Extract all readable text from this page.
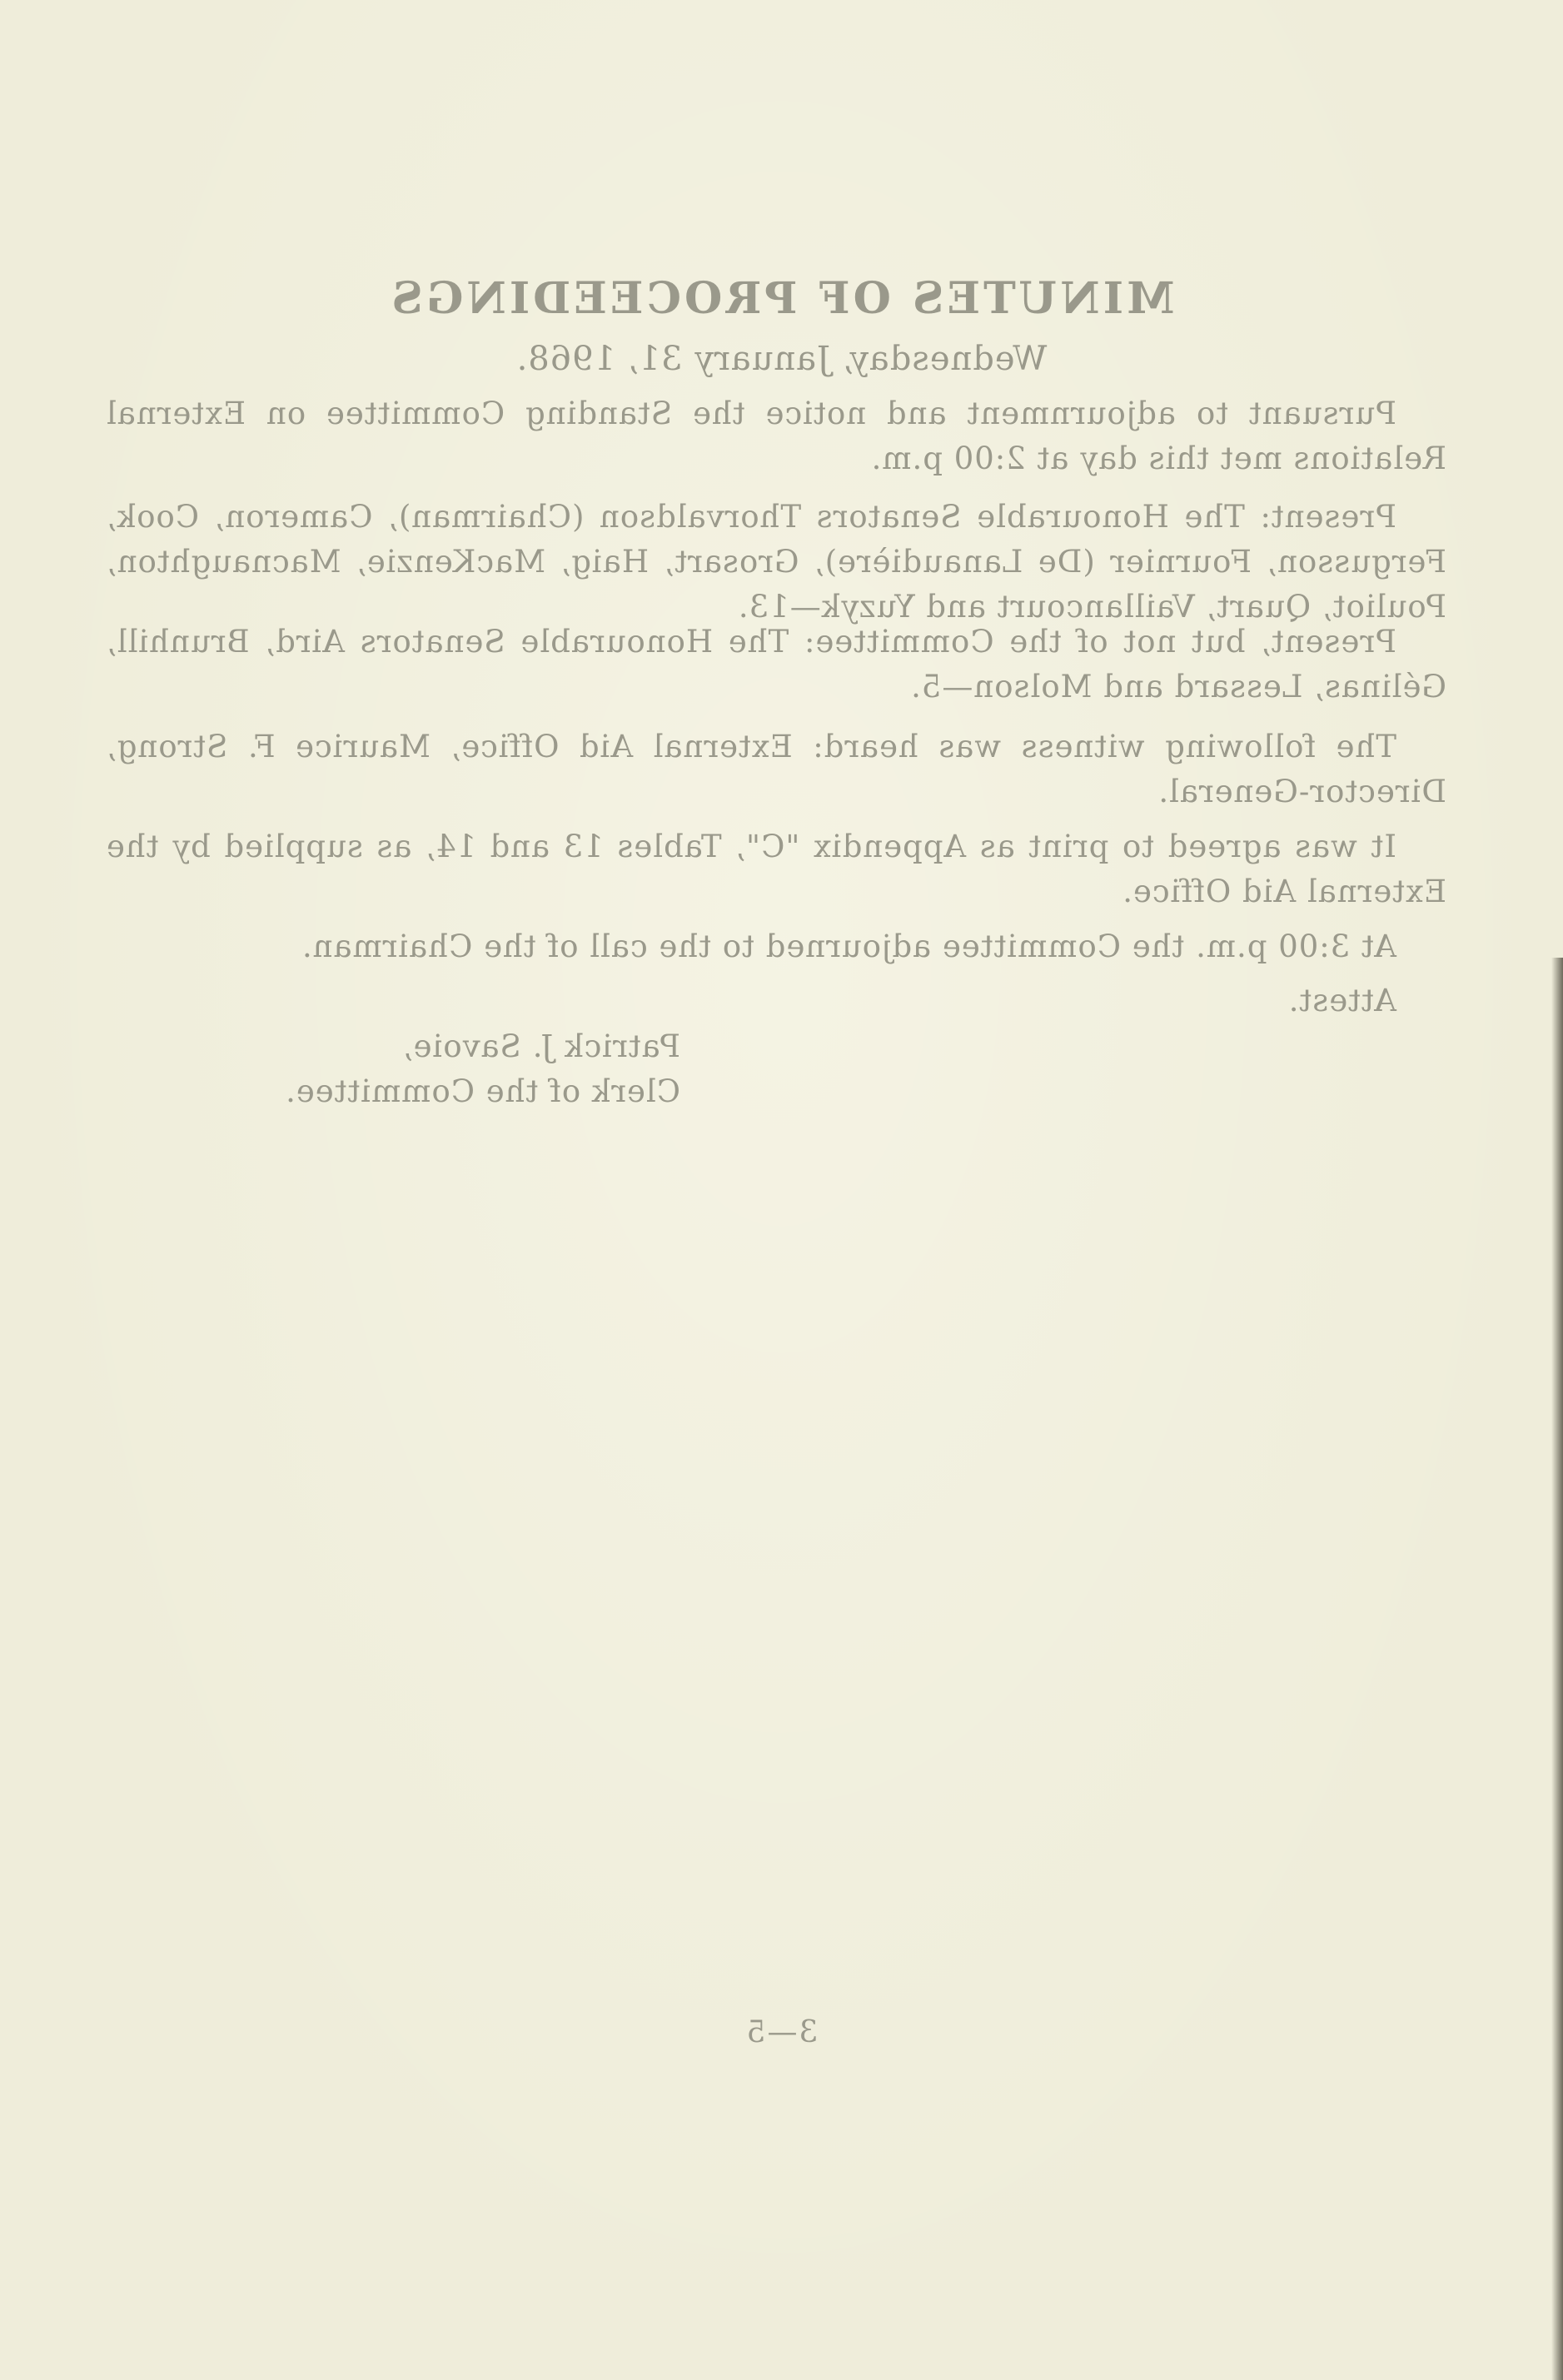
MINUTES OF PROCEEDINGS
Wednesday, January 31, 1968.
Pursuant to adjournment and notice the Standing Committee on External Relations met this day at 2:00 p.m.
Present: The Honourable Senators Thorvaldson (Chairman), Cameron, Cook, Fergusson, Fournier (De Lanaudière), Grosart, Haig, MacKenzie, Macnaughton, Pouliot, Quart, Vaillancourt and Yuzyk—13.
Present, but not of the Committee: The Honourable Senators Aird, Brunhill, Gélinas, Lessard and Molson—5.
The following witness was heard: External Aid Office, Maurice F. Strong, Director-General.
It was agreed to print as Appendix "C", Tables 13 and 14, as supplied by the External Aid Office.
At 3:00 p.m. the Committee adjourned to the call of the Chairman.
Attest.
Patrick J. Savoie,
Clerk of the Committee.
3—5
